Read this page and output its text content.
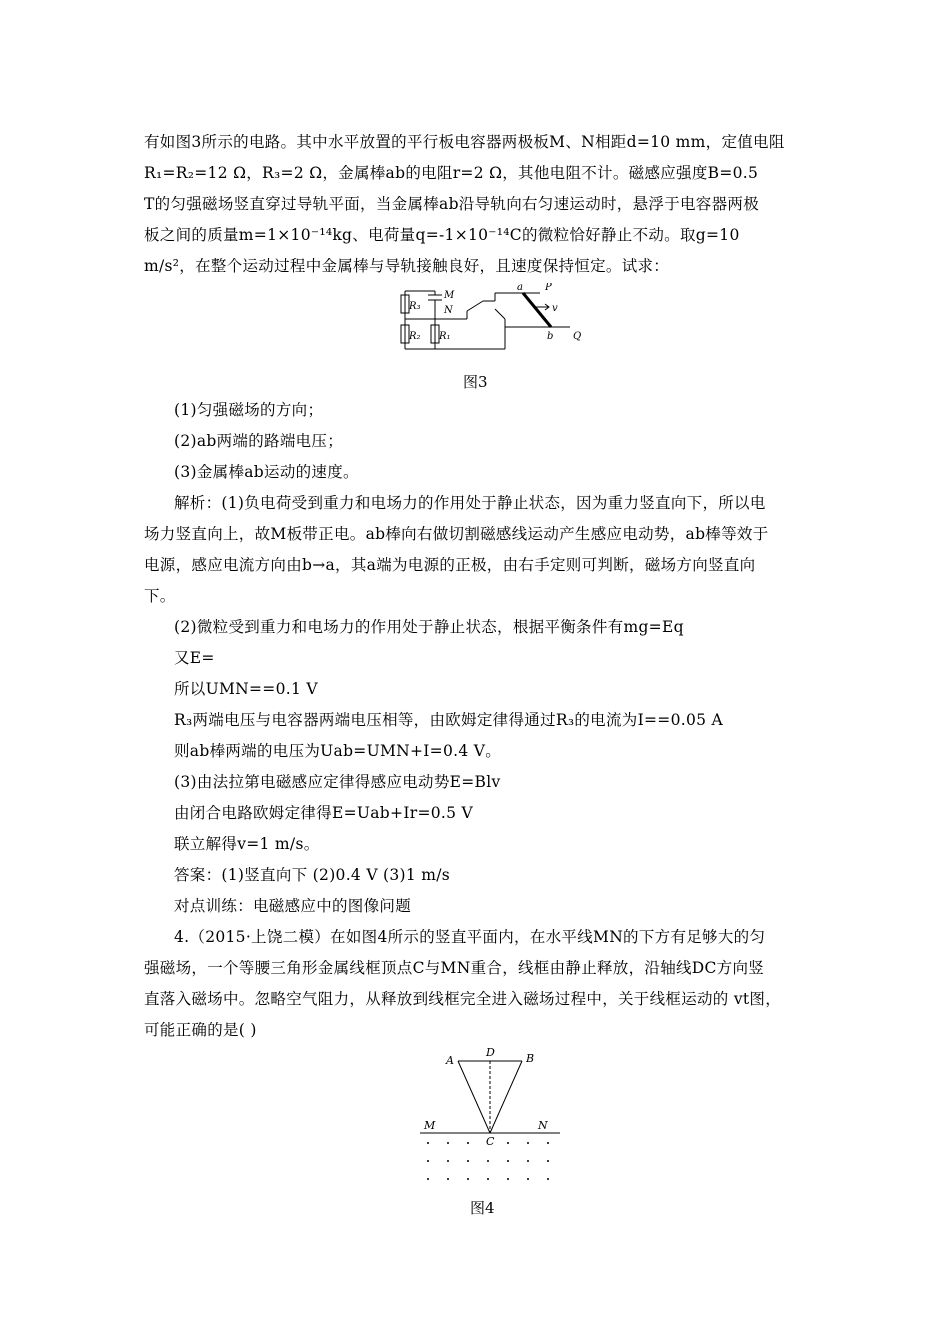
有如图3所示的电路。其中水平放置的平行板电容器两极板M、N相距d=10 mm，定值电阻
R₁=R₂=12 Ω，R₃=2 Ω，金属棒ab的电阻r=2 Ω，其他电阻不计。磁感应强度B=0.5
T的匀强磁场竖直穿过导轨平面，当金属棒ab沿导轨向右匀速运动时，悬浮于电容器两极
板之间的质量m=1×10⁻¹⁴kg、电荷量q=-1×10⁻¹⁴C的微粒恰好静止不动。取g=10
m/s²，在整个运动过程中金属棒与导轨接触良好，且速度保持恒定。试求：
R₃
R₂ R₁
M
N
a P
v
b Q
图3
(1)匀强磁场的方向；
(2)ab两端的路端电压；
(3)金属棒ab运动的速度。
解析：(1)负电荷受到重力和电场力的作用处于静止状态，因为重力竖直向下，所以电
场力竖直向上，故M板带正电。ab棒向右做切割磁感线运动产生感应电动势，ab棒等效于
电源，感应电流方向由b→a，其a端为电源的正极，由右手定则可判断，磁场方向竖直向
下。
(2)微粒受到重力和电场力的作用处于静止状态，根据平衡条件有mg=Eq
又E=
所以UMN==0.1 V
R₃两端电压与电容器两端电压相等，由欧姆定律得通过R₃的电流为I==0.05 A
则ab棒两端的电压为Uab=UMN+I=0.4 V。
(3)由法拉第电磁感应定律得感应电动势E=Blv
由闭合电路欧姆定律得E=Uab+Ir=0.5 V
联立解得v=1 m/s。
答案：(1)竖直向下 (2)0.4 V (3)1 m/s
对点训练：电磁感应中的图像问题
4.（2015·上饶二模）在如图4所示的竖直平面内，在水平线MN的下方有足够大的匀
强磁场，一个等腰三角形金属线框顶点C与MN重合，线框由静止释放，沿轴线DC方向竖
直落入磁场中。忽略空气阻力，从释放到线框完全进入磁场过程中，关于线框运动的 vt图，
可能正确的是( )
A	B
D
M	N
C
图4
